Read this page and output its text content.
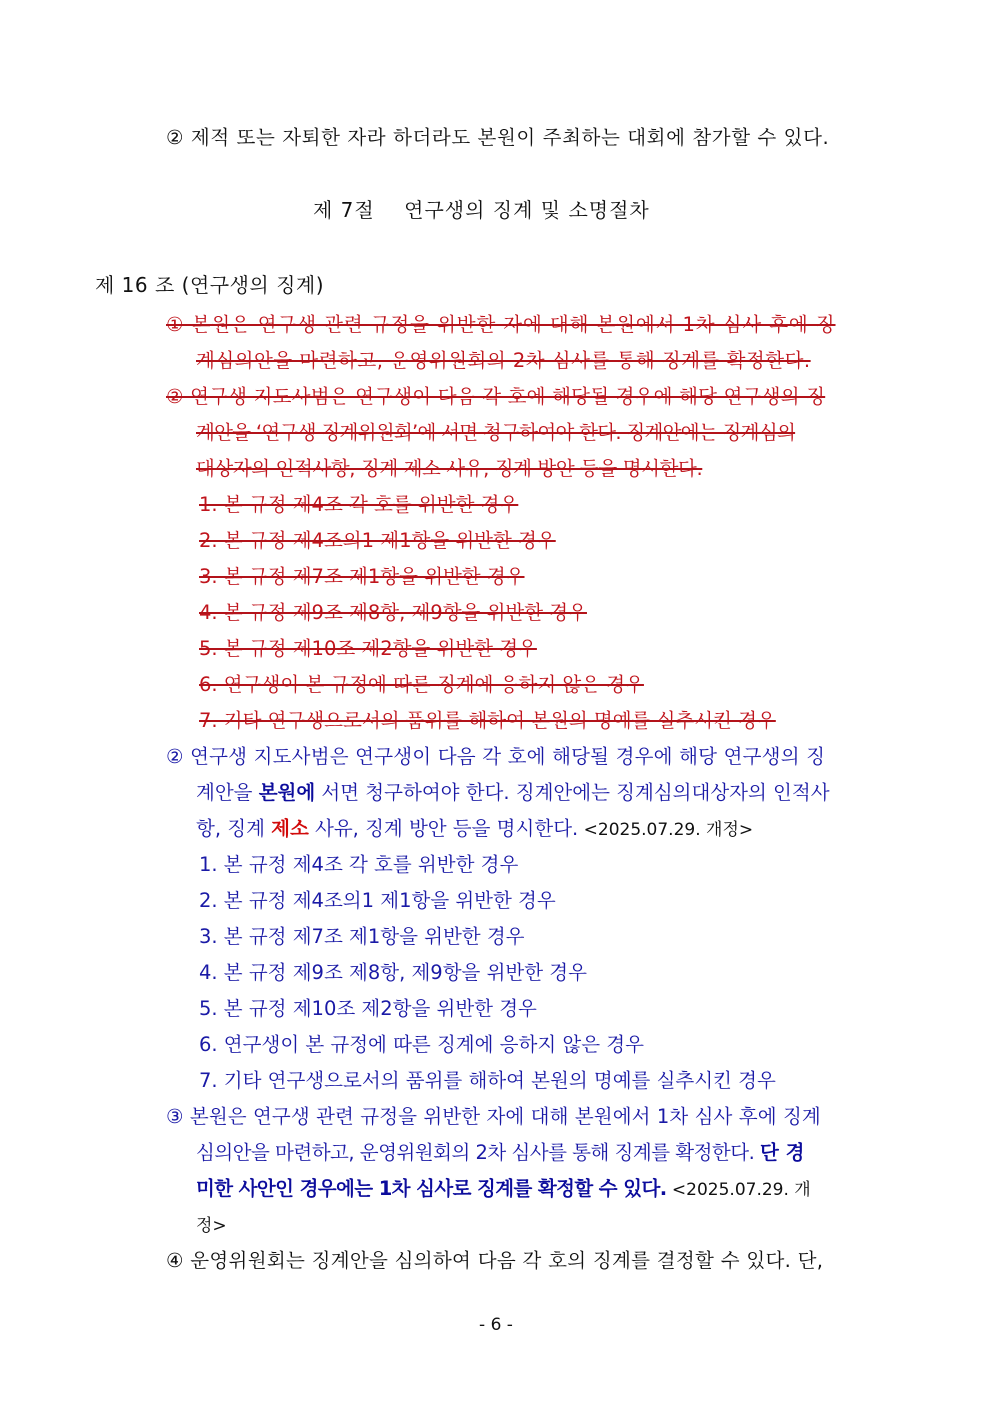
② 제적 또는 자퇴한 자라 하더라도 본원이 주최하는 대회에 참가할 수 있다.
제 7절    연구생의 징계 및 소명절차
제 16 조 (연구생의 징계)
① 본원은 연구생 관련 규정을 위반한 자에 대해 본원에서 1차 심사 후에 징
계심의안을 마련하고, 운영위원회의 2차 심사를 통해 징계를 확정한다.
② 연구생 지도사범은 연구생이 다음 각 호에 해당될 경우에 해당 연구생의 징
계안을 ‘연구생 징계위원회’에 서면 청구하여야 한다. 징계안에는 징계심의
대상자의 인적사항, 징계 제소 사유, 징계 방안 등을 명시한다.
1. 본 규정 제4조 각 호를 위반한 경우
2. 본 규정 제4조의1 제1항을 위반한 경우
3. 본 규정 제7조 제1항을 위반한 경우
4. 본 규정 제9조 제8항, 제9항을 위반한 경우
5. 본 규정 제10조 제2항을 위반한 경우
6. 연구생이 본 규정에 따른 징계에 응하지 않은 경우
7. 기타 연구생으로서의 품위를 해하여 본원의 명예를 실추시킨 경우
② 연구생 지도사범은 연구생이 다음 각 호에 해당될 경우에 해당 연구생의 징
계안을 본원에 서면 청구하여야 한다. 징계안에는 징계심의대상자의 인적사
항, 징계 제소 사유, 징계 방안 등을 명시한다. <2025.07.29. 개정>
1. 본 규정 제4조 각 호를 위반한 경우
2. 본 규정 제4조의1 제1항을 위반한 경우
3. 본 규정 제7조 제1항을 위반한 경우
4. 본 규정 제9조 제8항, 제9항을 위반한 경우
5. 본 규정 제10조 제2항을 위반한 경우
6. 연구생이 본 규정에 따른 징계에 응하지 않은 경우
7. 기타 연구생으로서의 품위를 해하여 본원의 명예를 실추시킨 경우
③ 본원은 연구생 관련 규정을 위반한 자에 대해 본원에서 1차 심사 후에 징계
심의안을 마련하고, 운영위원회의 2차 심사를 통해 징계를 확정한다. 단 경
미한 사안인 경우에는 1차 심사로 징계를 확정할 수 있다. <2025.07.29. 개
정>
④ 운영위원회는 징계안을 심의하여 다음 각 호의 징계를 결정할 수 있다. 단,
- 6 -
